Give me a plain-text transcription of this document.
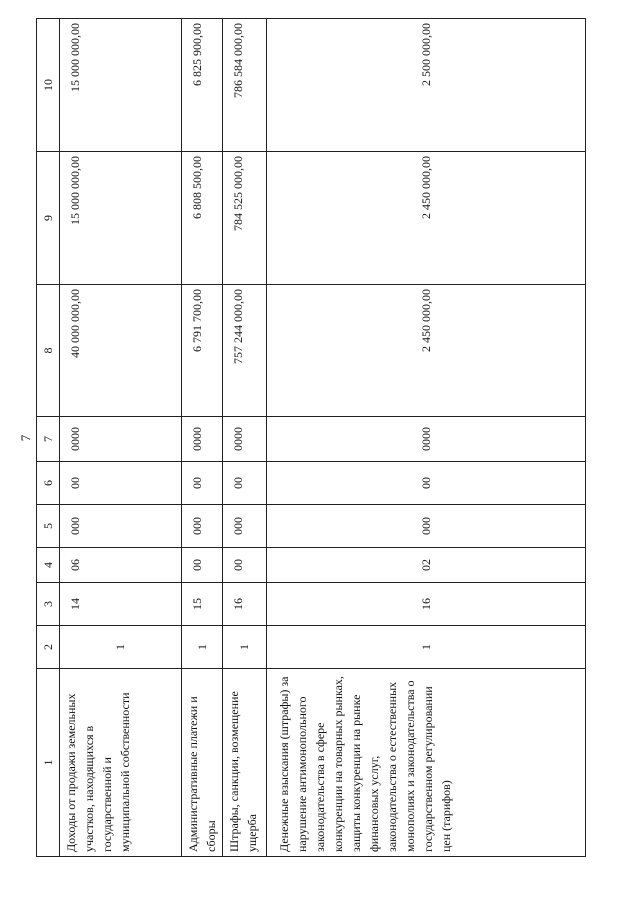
7
1	2	3	4	5	6	7	8	9	10
Доходы от продажи земельных участков, находящихся в государственной и муниципальной собственности	1	14	06	000	00	0000	40 000 000,00	15 000 000,00	15 000 000,00
Административные платежи и сборы	1	15	00	000	00	0000	6 791 700,00	6 808 500,00	6 825 900,00
Штрафы, санкции, возмещение ущерба	1	16	00	000	00	0000	757 244 000,00	784 525 000,00	786 584 000,00
Денежные взыскания (штрафы) за нарушение антимонопольного законодательства в сфере конкуренции на товарных рынках, защиты конкуренции на рынке финансовых услуг, законодательства о естественных монополиях и законодательства о государственном регулировании цен (тарифов)	1	16	02	000	00	0000	2 450 000,00	2 450 000,00	2 500 000,00
